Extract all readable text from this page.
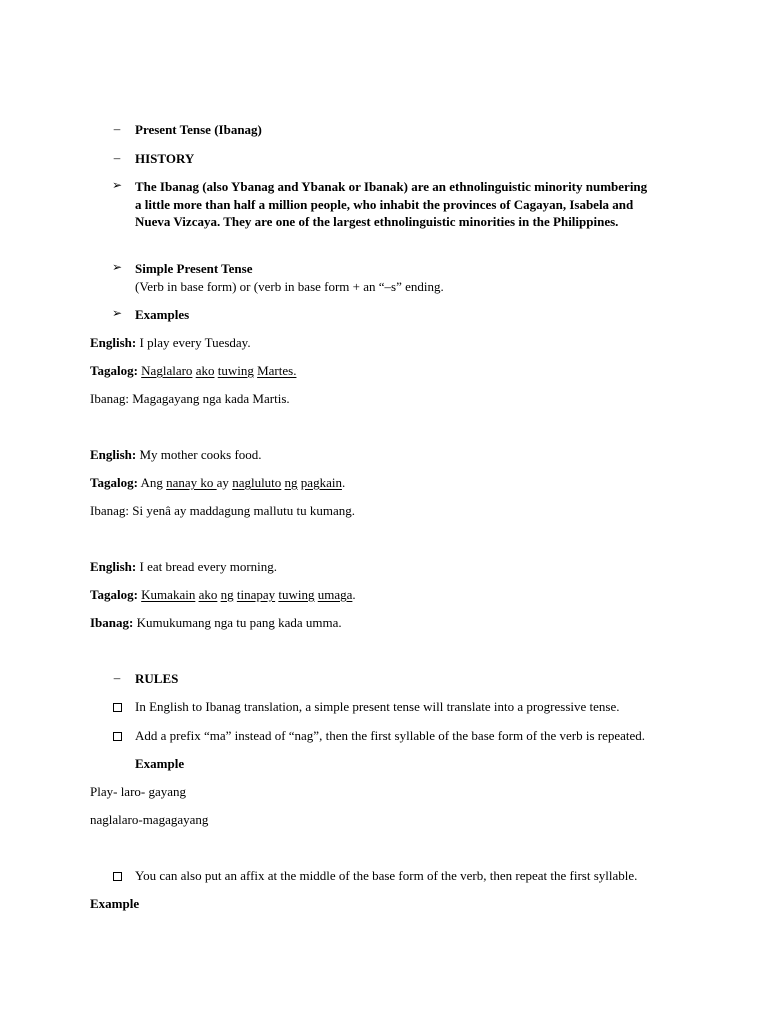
–	Present Tense (Ibanag)
–	HISTORY
➢ The Ibanag (also Ybanag and Ybanak or Ibanak) are an ethnolinguistic minority numbering a little more than half a million people, who inhabit the provinces of Cagayan, Isabela and Nueva Vizcaya. They are one of the largest ethnolinguistic minorities in the Philippines.
➢ Simple Present Tense
(Verb in base form) or (verb in base form + an “–s” ending.
➢ Examples
English: I play every Tuesday.
Tagalog: Naglalaro ako tuwing Martes.
Ibanag: Magagayang nga kada Martis.
English: My mother cooks food.
Tagalog: Ang nanay ko ay nagluluto ng pagkain.
Ibanag: Si yenâ ay maddagung mallutu tu kumang.
English: I eat bread every morning.
Tagalog: Kumakain ako ng tinapay tuwing umaga.
Ibanag: Kumukumang nga tu pang kada umma.
–	RULES
In English to Ibanag translation, a simple present tense will translate into a progressive tense.
Add a prefix “ma” instead of “nag”, then the first syllable of the base form of the verb is repeated.
Example
Play- laro- gayang
naglalaro-magagayang
You can also put an affix at the middle of the base form of the verb, then repeat the first syllable.
Example
